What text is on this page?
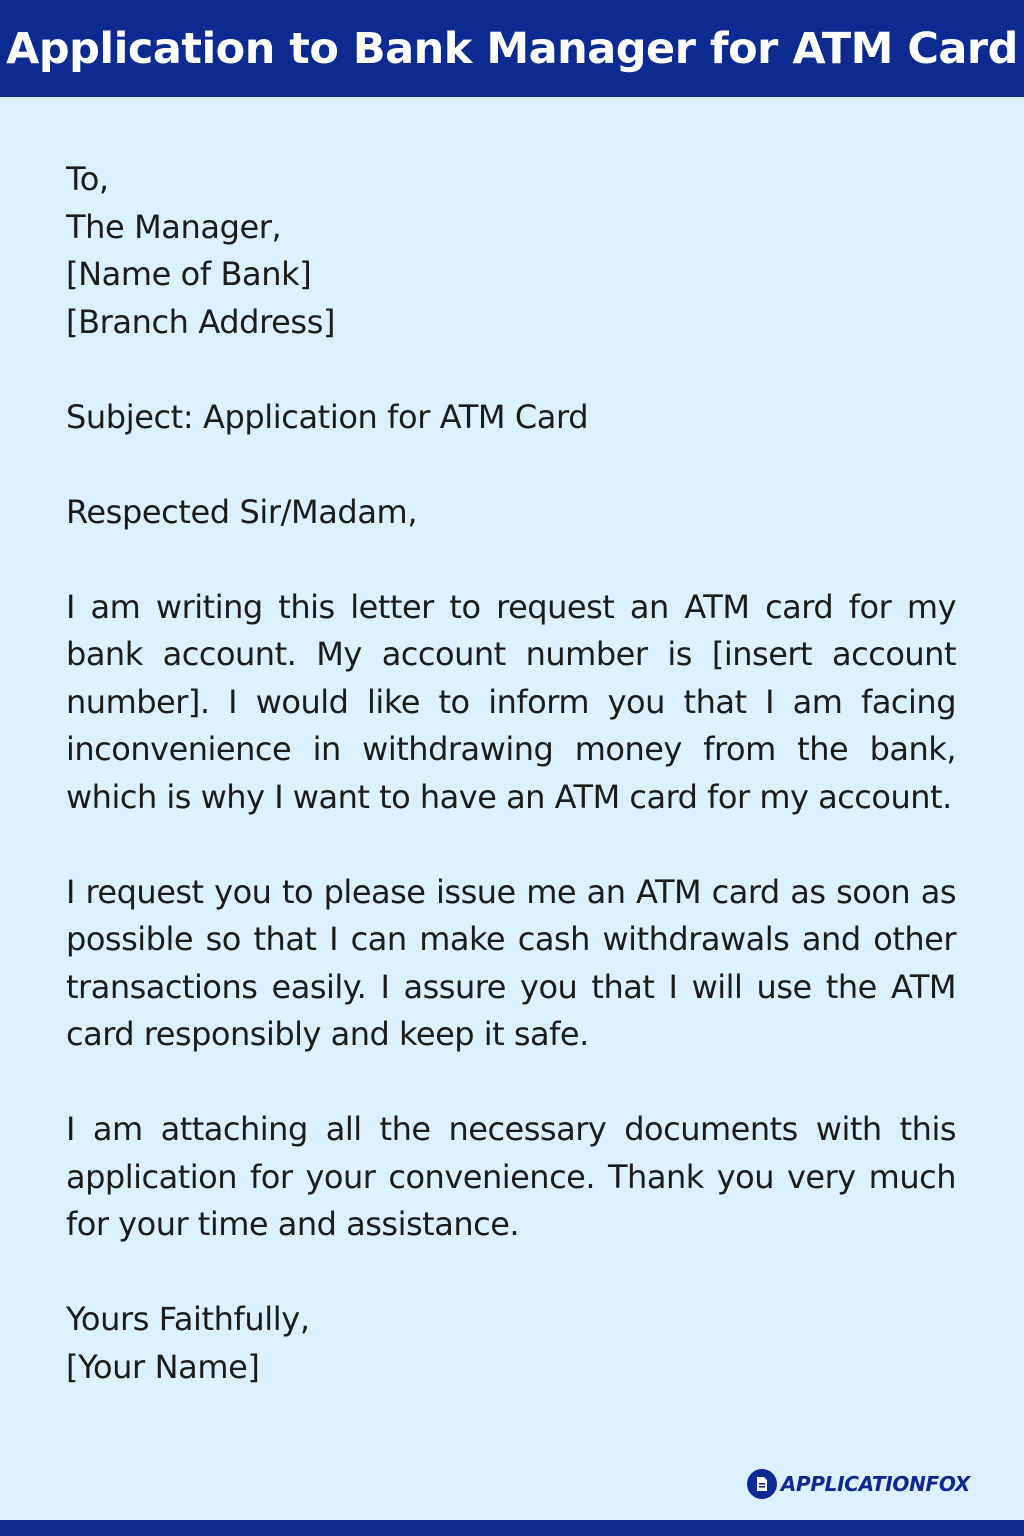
Application to Bank Manager for ATM Card
To,
The Manager,
[Name of Bank]
[Branch Address]
Subject: Application for ATM Card
Respected Sir/Madam,

I am writing this letter to request an ATM card for my bank account. My account number is [insert account number]. I would like to inform you that I am facing inconvenience in withdrawing money from the bank, which is why I want to have an ATM card for my account.

I request you to please issue me an ATM card as soon as possible so that I can make cash withdrawals and other transactions easily. I assure you that I will use the ATM card responsibly and keep it safe.

I am attaching all the necessary documents with this application for your convenience. Thank you very much for your time and assistance.

Yours Faithfully,
[Your Name]
APPLICATIONFOX
